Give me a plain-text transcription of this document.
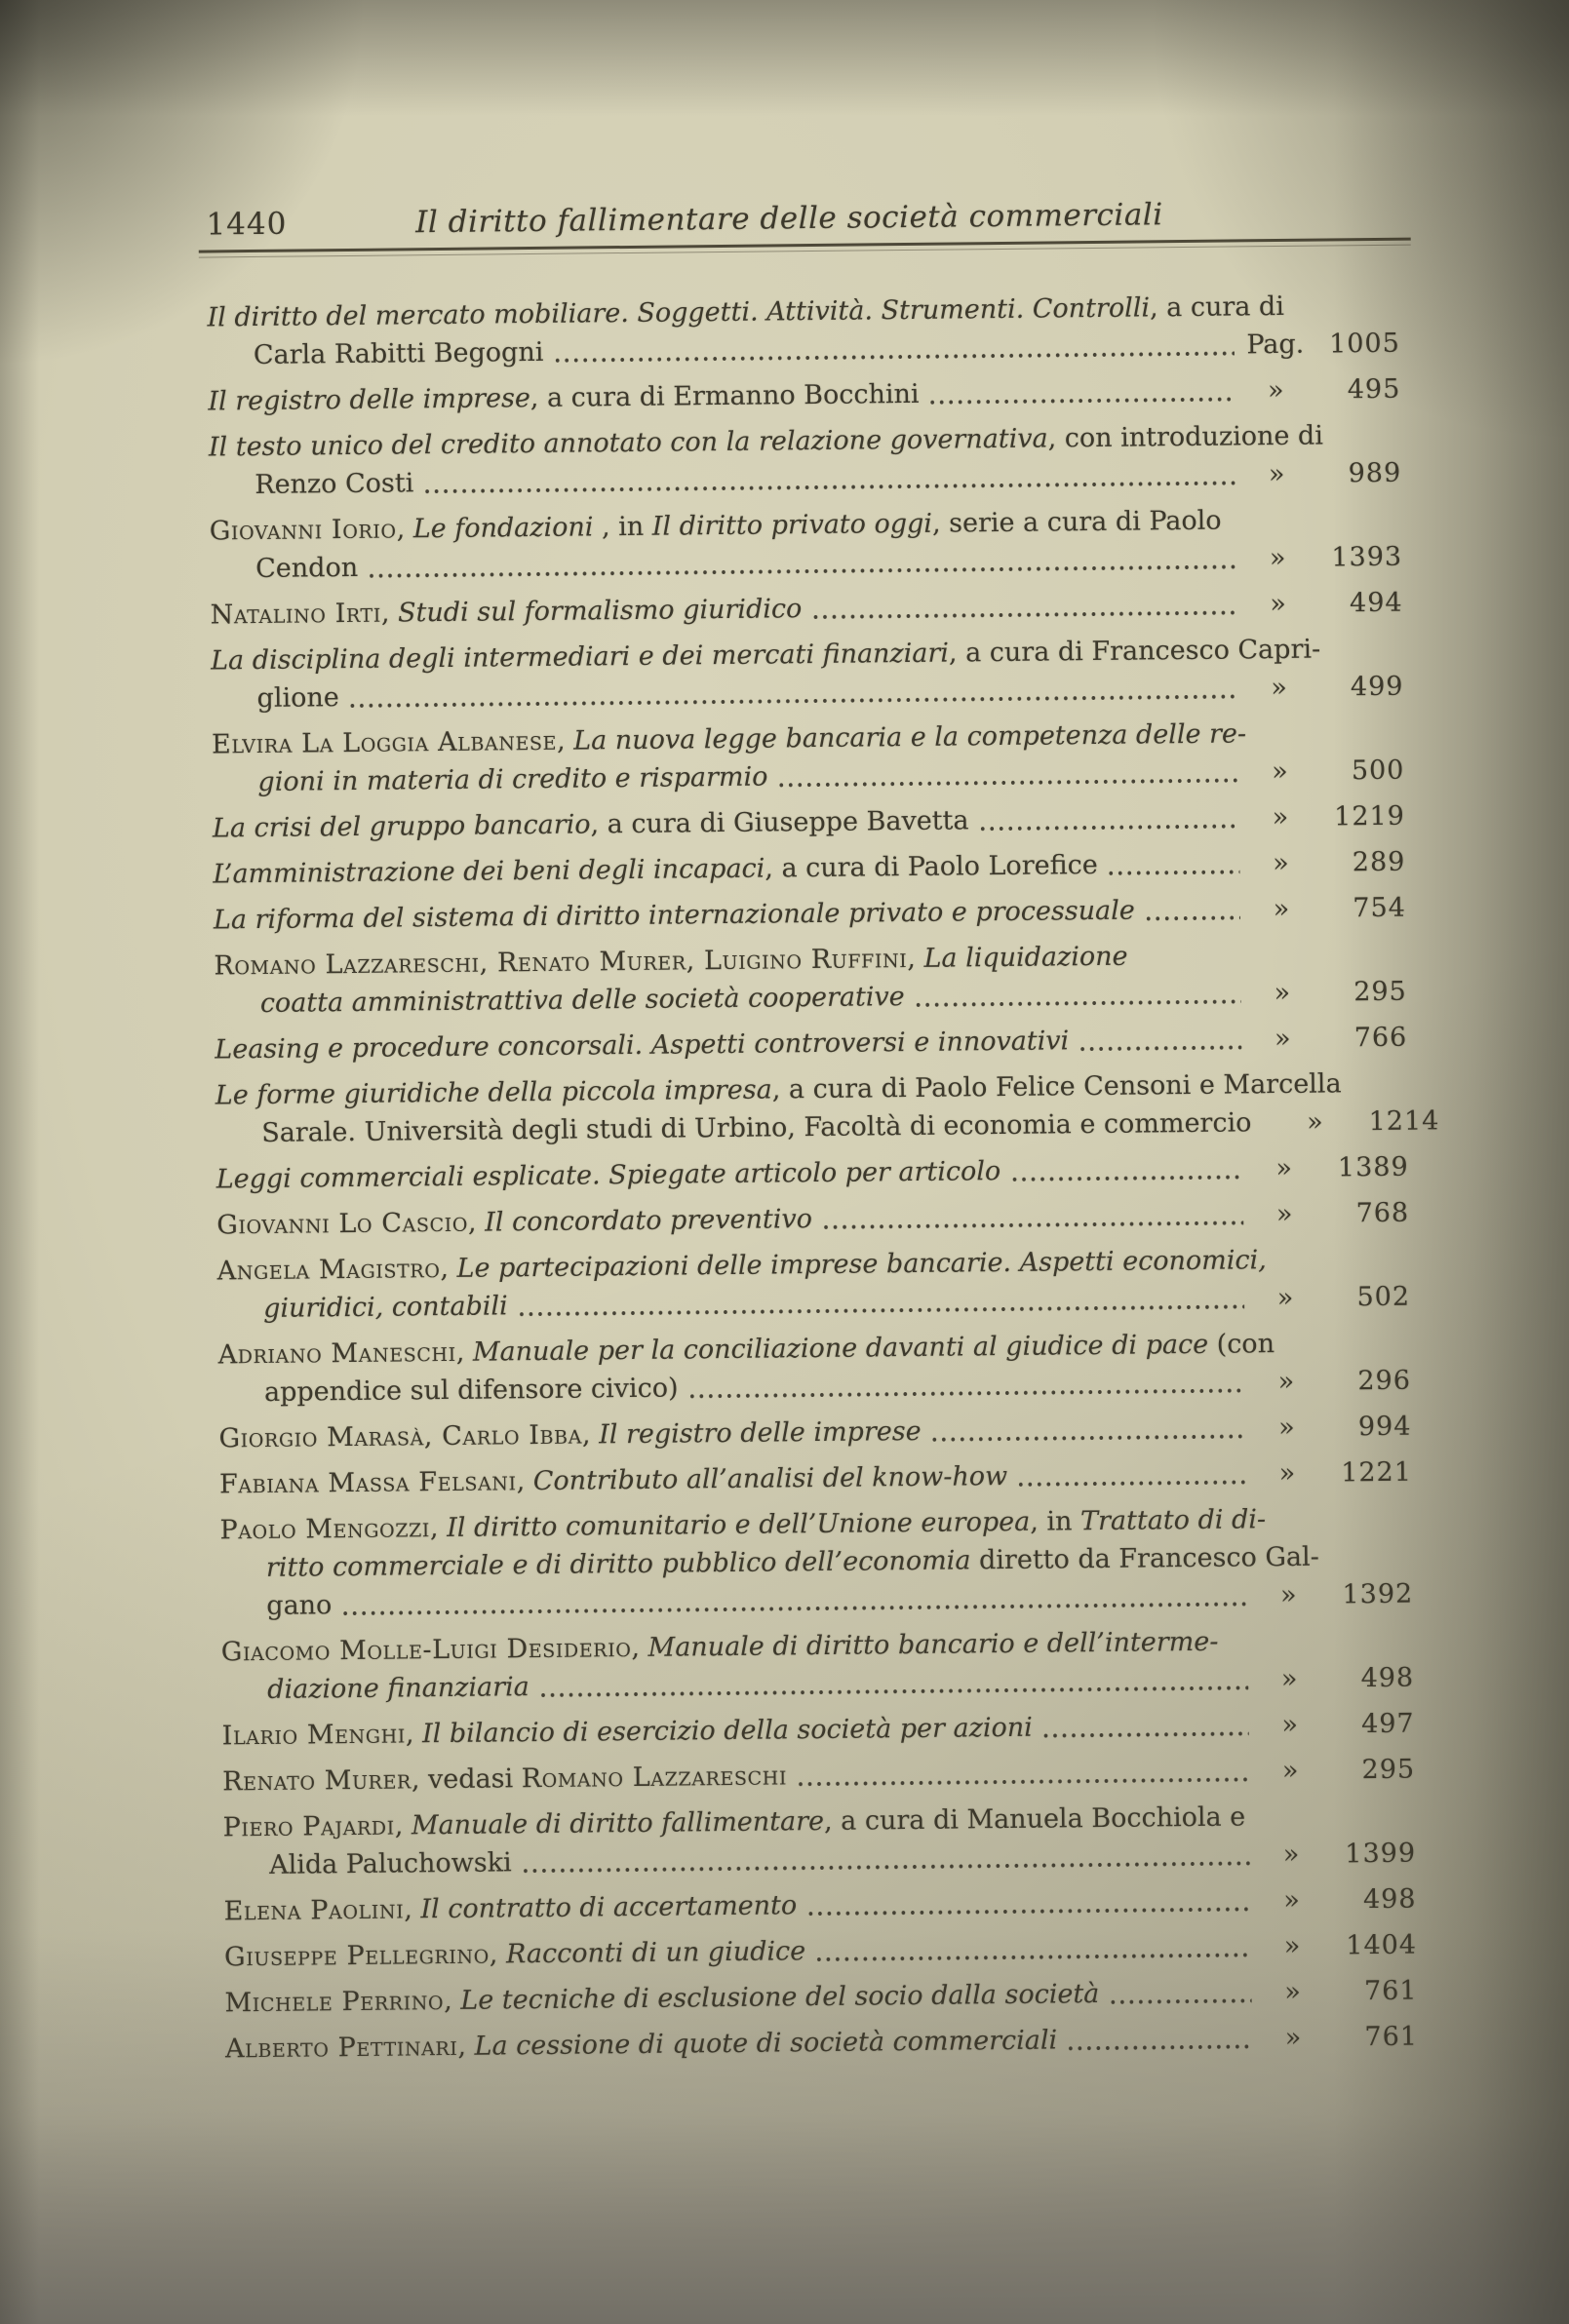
1440	Il diritto fallimentare delle società commerciali
Il diritto del mercato mobiliare. Soggetti. Attività. Strumenti. Controlli, a cura di
Carla Rabitti Begogni	Pag. 1005
Il registro delle imprese, a cura di Ermanno Bocchini	»	495
Il testo unico del credito annotato con la relazione governativa, con introduzione di
Renzo Costi	»	989
Giovanni Iorio, Le fondazioni , in Il diritto privato oggi, serie a cura di Paolo
Cendon	»	1393
Natalino Irti, Studi sul formalismo giuridico	»	494
La disciplina degli intermediari e dei mercati finanziari, a cura di Francesco Capri-
glione	»	499
Elvira La Loggia Albanese, La nuova legge bancaria e la competenza delle re-
gioni in materia di credito e risparmio	»	500
La crisi del gruppo bancario, a cura di Giuseppe Bavetta	»	1219
L’amministrazione dei beni degli incapaci, a cura di Paolo Lorefice	»	289
La riforma del sistema di diritto internazionale privato e processuale	»	754
Romano Lazzareschi, Renato Murer, Luigino Ruffini, La liquidazione
coatta amministrattiva delle società cooperative	»	295
Leasing e procedure concorsali. Aspetti controversi e innovativi	»	766
Le forme giuridiche della piccola impresa, a cura di Paolo Felice Censoni e Marcella
Sarale. Università degli studi di Urbino, Facoltà di economia e commercio	»	1214
Leggi commerciali esplicate. Spiegate articolo per articolo	»	1389
Giovanni Lo Cascio, Il concordato preventivo	»	768
Angela Magistro, Le partecipazioni delle imprese bancarie. Aspetti economici,
giuridici, contabili	»	502
Adriano Maneschi, Manuale per la conciliazione davanti al giudice di pace (con
appendice sul difensore civico)	»	296
Giorgio Marasà, Carlo Ibba, Il registro delle imprese	»	994
Fabiana Massa Felsani, Contributo all’analisi del know-how	»	1221
Paolo Mengozzi, Il diritto comunitario e dell’Unione europea, in Trattato di di-
ritto commerciale e di diritto pubblico dell’economia diretto da Francesco Gal-
gano	»	1392
Giacomo Molle-Luigi Desiderio, Manuale di diritto bancario e dell’interme-
diazione finanziaria	»	498
Ilario Menghi, Il bilancio di esercizio della società per azioni	»	497
Renato Murer, vedasi Romano Lazzareschi	»	295
Piero Pajardi, Manuale di diritto fallimentare, a cura di Manuela Bocchiola e
Alida Paluchowski	»	1399
Elena Paolini, Il contratto di accertamento	»	498
Giuseppe Pellegrino, Racconti di un giudice	»	1404
Michele Perrino, Le tecniche di esclusione del socio dalla società	»	761
Alberto Pettinari, La cessione di quote di società commerciali	»	761
